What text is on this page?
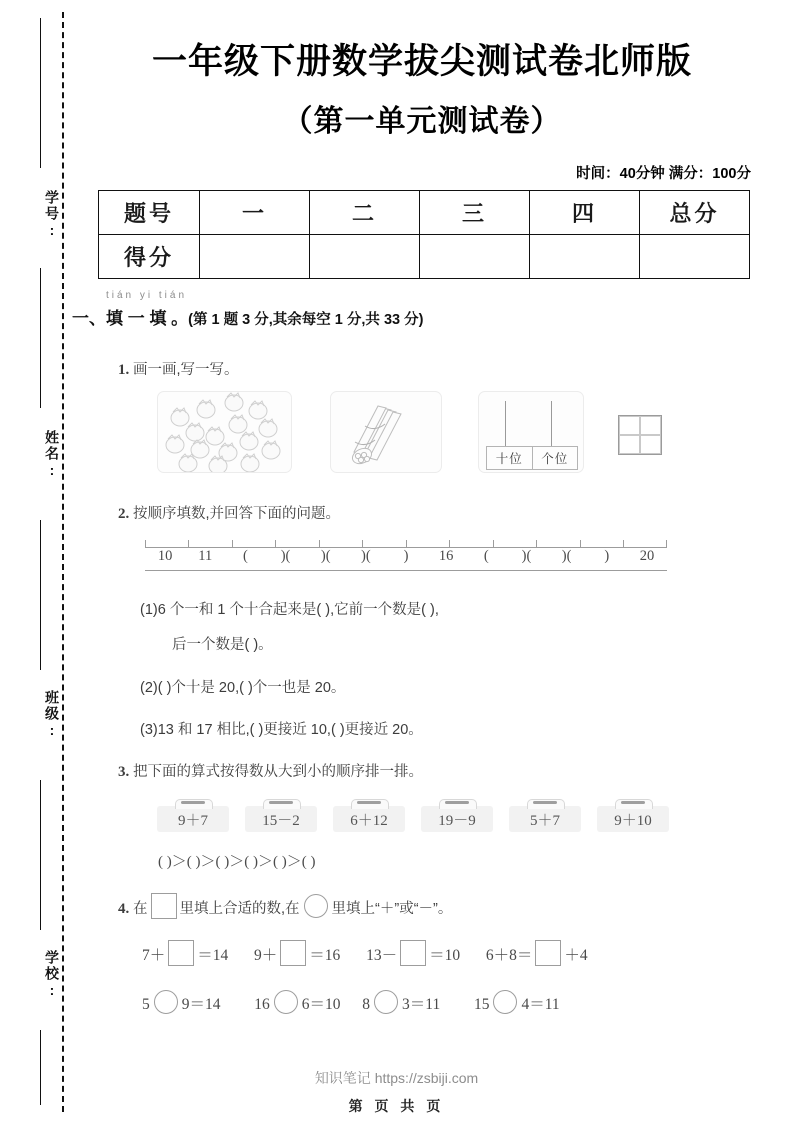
学号:
姓名:
班级:
学校:
一年级下册数学拔尖测试卷北师版
（第一单元测试卷）
时间：40分钟 满分：100分
题号	一	二	三	四	总分
得分					
tián yi tián
一、填 一 填 。(第 1 题 3 分,其余每空 1 分,共 33 分)
1. 画一画,写一写。
十位	个位
2. 按顺序填数,并回答下面的问题。
10	11	(	)(	)(	)(	)	16	(	)(	)(	)	20
(1)6 个一和 1 个十合起来是( ),它前一个数是( ),
后一个数是( )。
(2)( )个十是 20,( )个一也是 20。
(3)13 和 17 相比,( )更接近 10,( )更接近 20。
3. 把下面的算式按得数从大到小的顺序排一排。
9＋7	15－2	6＋12	19－9	5＋7	9＋10
( )＞( )＞( )＞( )＞( )＞( )
4. 在 里填上合适的数,在 里填上“＋”或“－”。
7＋ ＝14 9＋ ＝16 13－ ＝10 6＋8＝ ＋4
5 9＝14 16 6＝10 8 3＝11 15 4＝11
知识笔记 https://zsbiji.com
第 页 共 页
